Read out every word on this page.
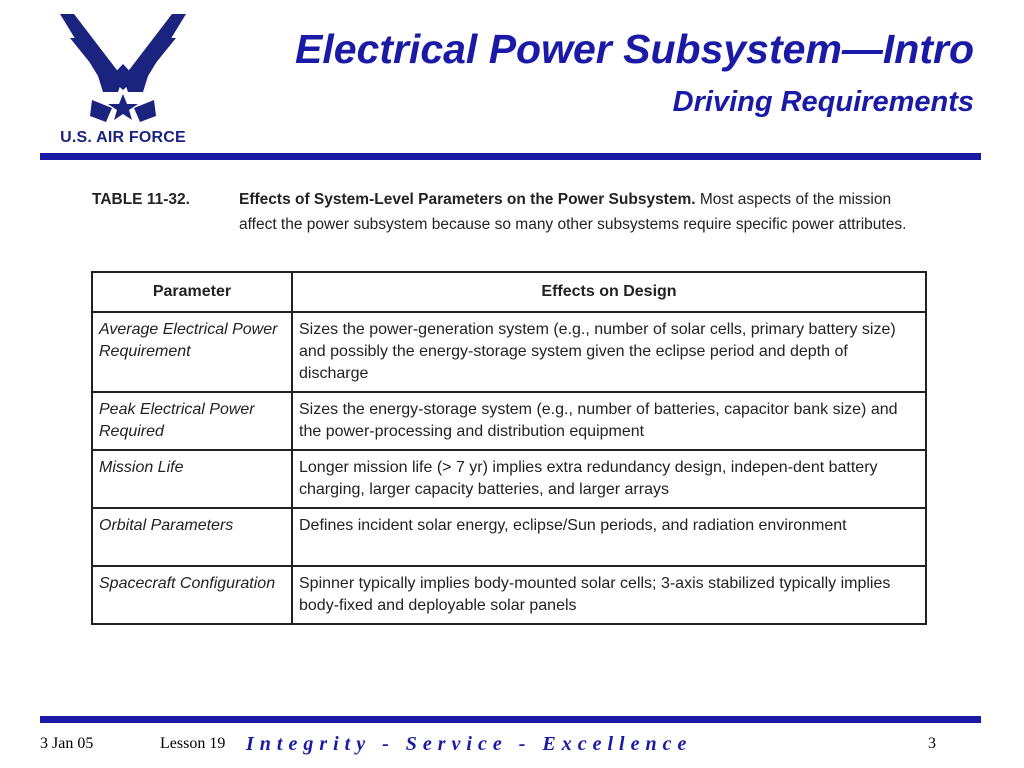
U.S. AIR FORCE
Electrical Power Subsystem—Intro
Driving Requirements
TABLE 11-32.	Effects of System-Level Parameters on the Power Subsystem. Most aspects of the mission affect the power subsystem because so many other subsystems require specific power attributes.
Parameter	Effects on Design
Average Electrical Power Requirement	Sizes the power-generation system (e.g., number of solar cells, primary battery size) and possibly the energy-storage system given the eclipse period and depth of discharge
Peak Electrical Power Required	Sizes the energy-storage system (e.g., number of batteries, capacitor bank size) and the power-processing and distribution equipment
Mission Life	Longer mission life (> 7 yr) implies extra redundancy design, indepen-dent battery charging, larger capacity batteries, and larger arrays
Orbital Parameters	Defines incident solar energy, eclipse/Sun periods, and radiation environment
Spacecraft Configuration	Spinner typically implies body-mounted solar cells; 3-axis stabilized typically implies body-fixed and deployable solar panels
3 Jan 05	Lesson 19 Integrity - Service - Excellence	3
